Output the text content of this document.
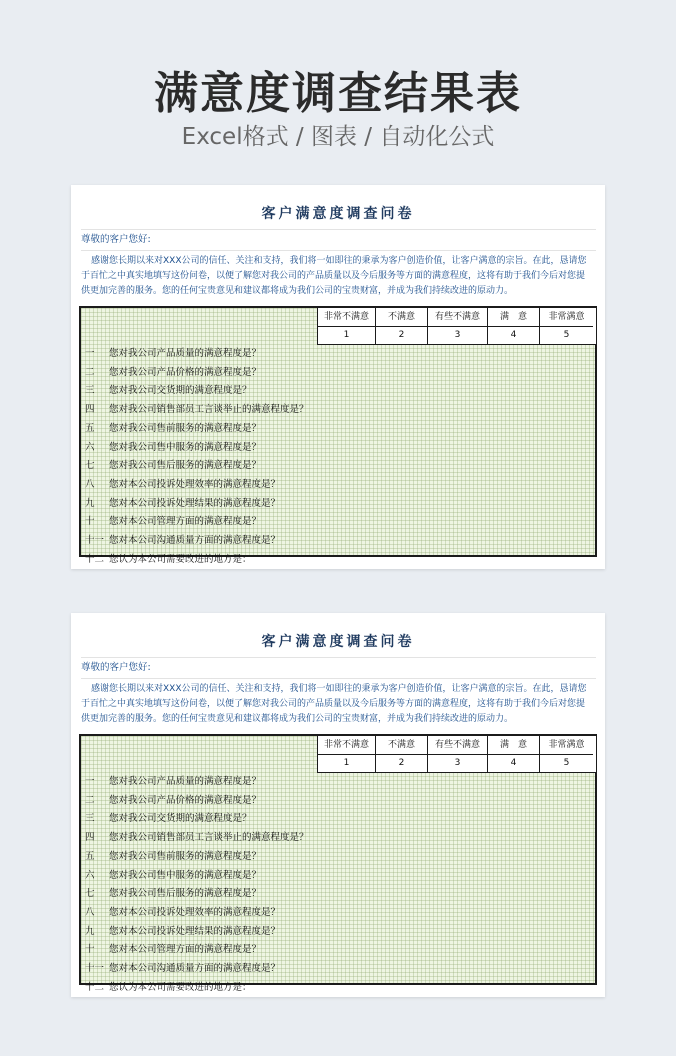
满意度调查结果表
Excel格式 / 图表 / 自动化公式
客户满意度调查问卷
尊敬的客户您好:
感谢您长期以来对XXX公司的信任、关注和支持，我们将一如即往的秉承为客户创造价值，让客户满意的宗旨。在此，恳请您于百忙之中真实地填写这份问卷，以便了解您对我公司的产品质量以及今后服务等方面的满意程度，这将有助于我们今后对您提供更加完善的服务。您的任何宝贵意见和建议都将成为我们公司的宝贵财富，并成为我们持续改进的原动力。
非常不满意
1
不满意
2
有些不满意
3
满　意
4
非常满意
5
一 您对我公司产品质量的满意程度是？
二 您对我公司产品价格的满意程度是？
三 您对我公司交货期的满意程度是？
四 您对我公司销售部员工言谈举止的满意程度是？
五 您对我公司售前服务的满意程度是？
六 您对我公司售中服务的满意程度是？
七 您对我公司售后服务的满意程度是？
八 您对本公司投诉处理效率的满意程度是？
九 您对本公司投诉处理结果的满意程度是？
十 您对本公司管理方面的满意程度是？
十一 您对本公司沟通质量方面的满意程度是？
十二 您认为本公司需要改进的地方是：
客户满意度调查问卷
尊敬的客户您好:
感谢您长期以来对XXX公司的信任、关注和支持，我们将一如即往的秉承为客户创造价值，让客户满意的宗旨。在此，恳请您于百忙之中真实地填写这份问卷，以便了解您对我公司的产品质量以及今后服务等方面的满意程度，这将有助于我们今后对您提供更加完善的服务。您的任何宝贵意见和建议都将成为我们公司的宝贵财富，并成为我们持续改进的原动力。
非常不满意
1
不满意
2
有些不满意
3
满　意
4
非常满意
5
一 您对我公司产品质量的满意程度是？
二 您对我公司产品价格的满意程度是？
三 您对我公司交货期的满意程度是？
四 您对我公司销售部员工言谈举止的满意程度是？
五 您对我公司售前服务的满意程度是？
六 您对我公司售中服务的满意程度是？
七 您对我公司售后服务的满意程度是？
八 您对本公司投诉处理效率的满意程度是？
九 您对本公司投诉处理结果的满意程度是？
十 您对本公司管理方面的满意程度是？
十一 您对本公司沟通质量方面的满意程度是？
十二 您认为本公司需要改进的地方是：
